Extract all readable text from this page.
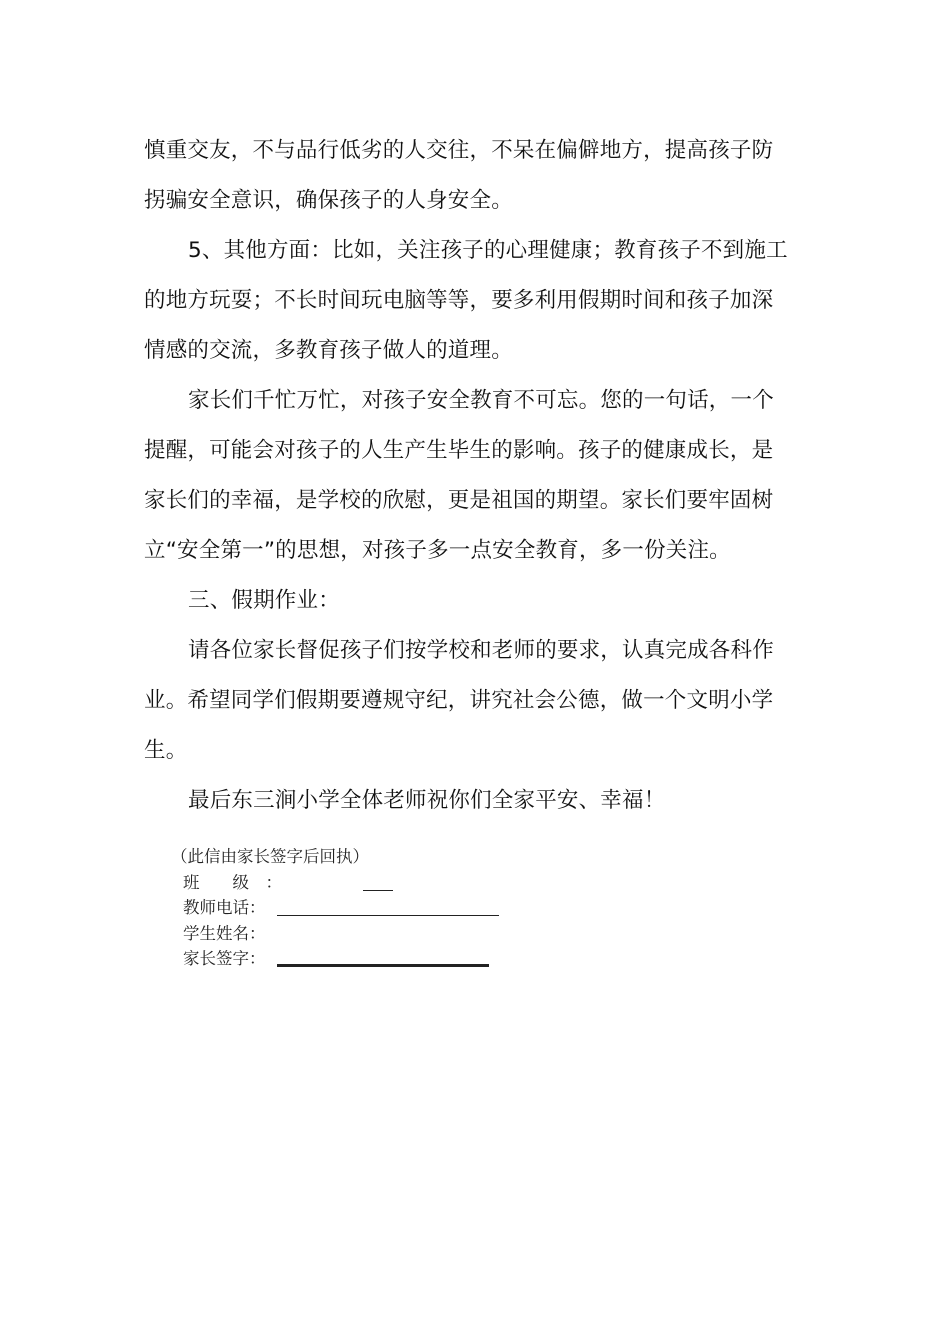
慎重交友，不与品行低劣的人交往，不呆在偏僻地方，提高孩子防
拐骗安全意识，确保孩子的人身安全。
5、其他方面：比如，关注孩子的心理健康；教育孩子不到施工
的地方玩耍；不长时间玩电脑等等，要多利用假期时间和孩子加深
情感的交流，多教育孩子做人的道理。
家长们千忙万忙，对孩子安全教育不可忘。您的一句话，一个
提醒，可能会对孩子的人生产生毕生的影响。孩子的健康成长，是
家长们的幸福，是学校的欣慰，更是祖国的期望。家长们要牢固树
立“安全第一”的思想，对孩子多一点安全教育，多一份关注。
三、假期作业：
请各位家长督促孩子们按学校和老师的要求，认真完成各科作
业。希望同学们假期要遵规守纪，讲究社会公德，做一个文明小学
生。
最后东三涧小学全体老师祝你们全家平安、幸福！
（此信由家长签字后回执）
班　　级　：
教师电话：
学生姓名：
家长签字：
